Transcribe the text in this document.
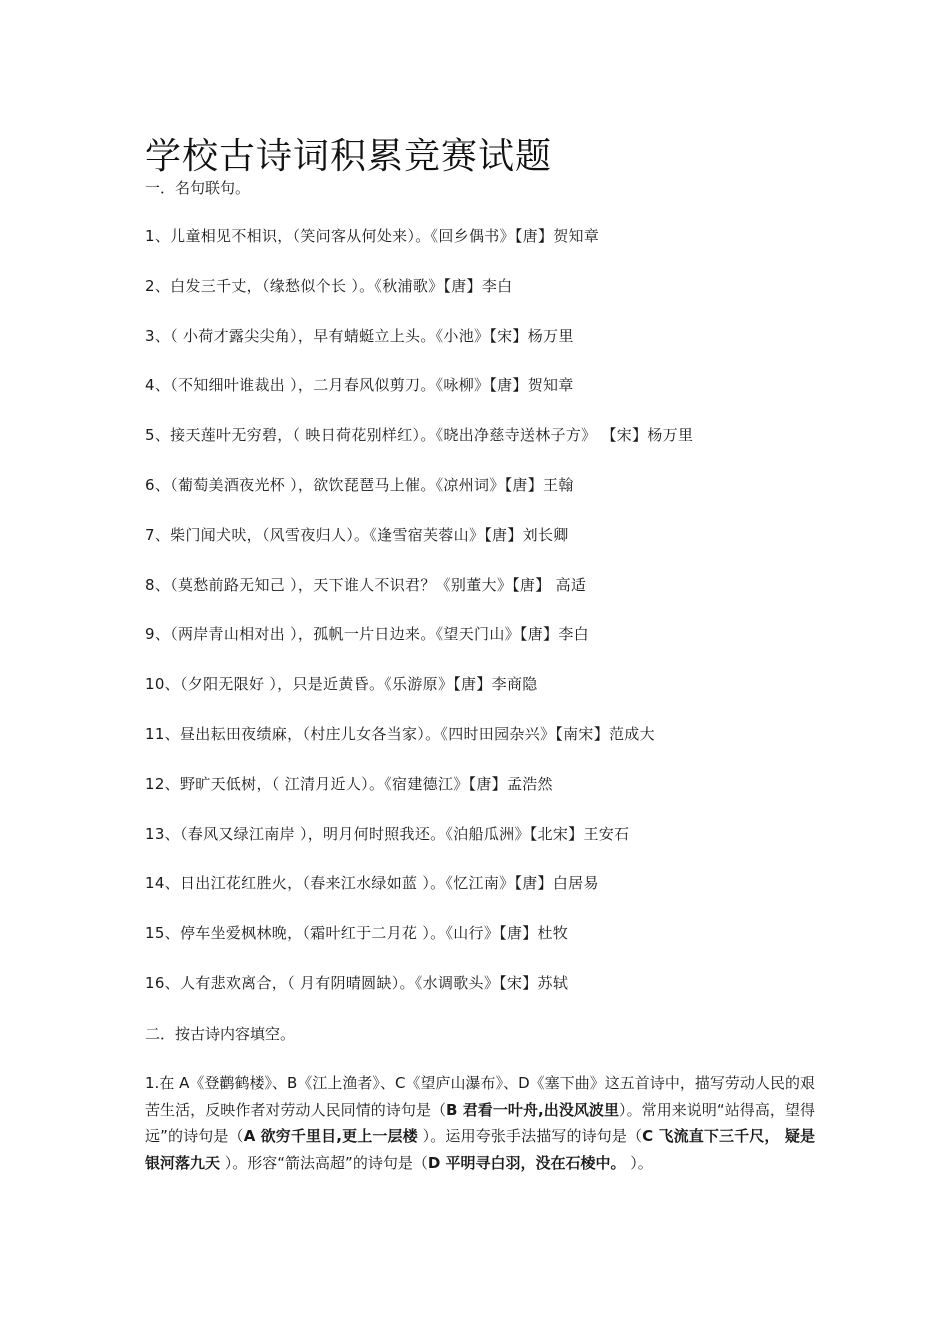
学校古诗词积累竞赛试题
一．名句联句。
1、儿童相见不相识，（笑问客从何处来）。《回乡偶书》【唐】贺知章
2、白发三千丈，（缘愁似个长 ）。《秋浦歌》【唐】李白
3、（ 小荷才露尖尖角），早有蜻蜓立上头。《小池》【宋】杨万里
4、（不知细叶谁裁出 ），二月春风似剪刀。《咏柳》【唐】贺知章
5、接天莲叶无穷碧，（ 映日荷花别样红）。《晓出净慈寺送林子方》 【宋】杨万里
6、（葡萄美酒夜光杯 ），欲饮琵琶马上催。《凉州词》【唐】王翰
7、柴门闻犬吠，（风雪夜归人）。《逢雪宿芙蓉山》【唐】刘长卿
8、（莫愁前路无知己 ），天下谁人不识君？《别董大》【唐】 高适
9、（两岸青山相对出 ），孤帆一片日边来。《望天门山》【唐】李白
10、（夕阳无限好 ），只是近黄昏。《乐游原》【唐】李商隐
11、昼出耘田夜绩麻，（村庄儿女各当家）。《四时田园杂兴》【南宋】范成大
12、野旷天低树，（ 江清月近人）。《宿建德江》【唐】孟浩然
13、（春风又绿江南岸 ），明月何时照我还。《泊船瓜洲》【北宋】王安石
14、日出江花红胜火，（春来江水绿如蓝 ）。《忆江南》【唐】白居易
15、停车坐爱枫林晚，（霜叶红于二月花 ）。《山行》【唐】杜牧
16、人有悲欢离合，（ 月有阴晴圆缺）。《水调歌头》【宋】苏轼
二．按古诗内容填空。
1.在 A《登鹳鹤楼》、B《江上渔者》、C《望庐山瀑布》、D《塞下曲》这五首诗中，描写劳动人民的艰苦生活，反映作者对劳动人民同情的诗句是（B 君看一叶舟,出没风波里）。常用来说明“站得高，望得远”的诗句是（A 欲穷千里目,更上一层楼 ）。运用夸张手法描写的诗句是（C 飞流直下三千尺， 疑是银河落九天 ）。形容“箭法高超”的诗句是（D 平明寻白羽，没在石棱中。 ）。
